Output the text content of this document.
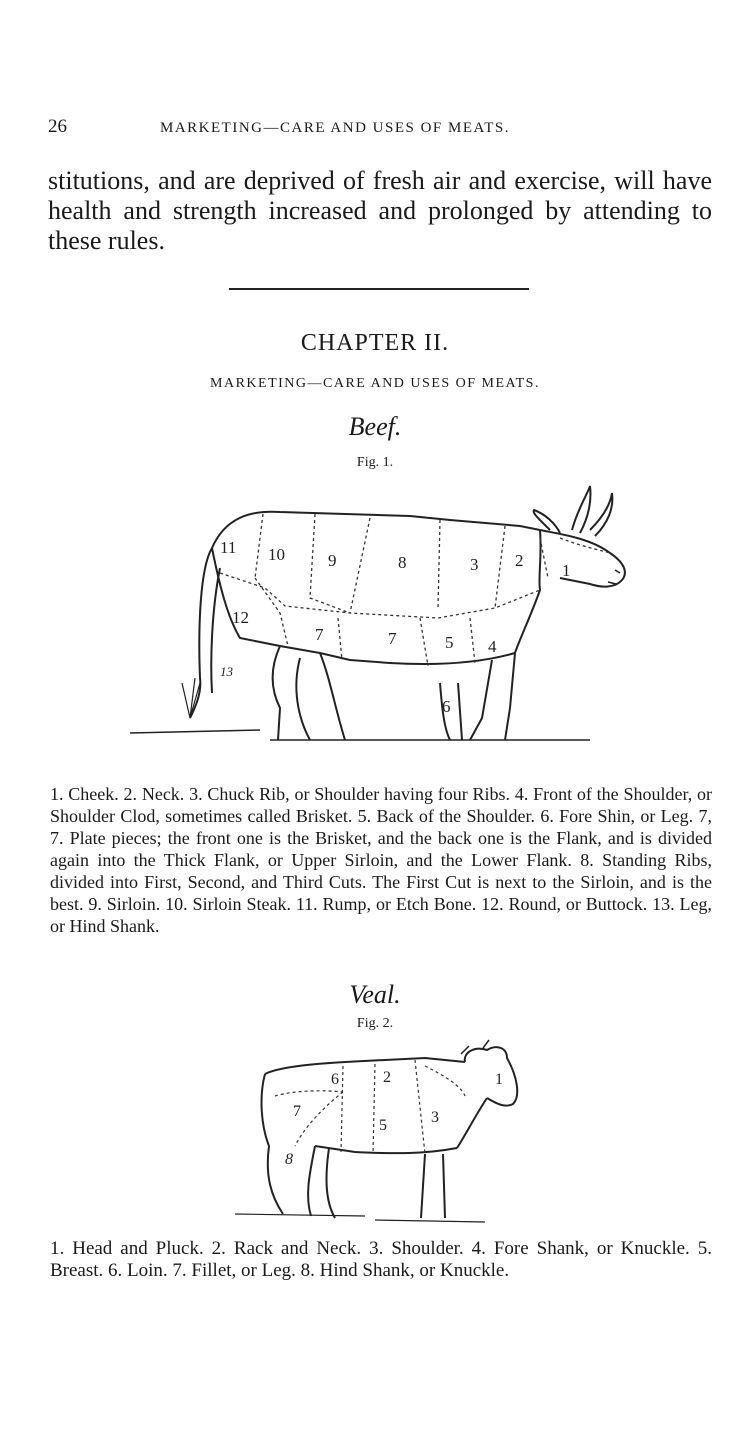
26	MARKETING—CARE AND USES OF MEATS.
stitutions, and are deprived of fresh air and exercise, will have health and strength increased and prolonged by attending to these rules.
CHAPTER II.
MARKETING—CARE AND USES OF MEATS.
Beef.
Fig. 1.
11 10	9	8	3 2
1
12
7	7	5 4
13
6
1. Cheek. 2. Neck. 3. Chuck Rib, or Shoulder having four Ribs. 4. Front of the Shoulder, or Shoulder Clod, sometimes called Brisket. 5. Back of the Shoulder. 6. Fore Shin, or Leg. 7, 7. Plate pieces; the front one is the Brisket, and the back one is the Flank, and is divided again into the Thick Flank, or Upper Sirloin, and the Lower Flank. 8. Standing Ribs, divided into First, Second, and Third Cuts. The First Cut is next to the Sirloin, and is the best. 9. Sirloin. 10. Sirloin Steak. 11. Rump, or Etch Bone. 12. Round, or Buttock. 13. Leg, or Hind Shank.
Veal.
Fig. 2.
6	2	1
7
5	3
8
1. Head and Pluck. 2. Rack and Neck. 3. Shoulder. 4. Fore Shank, or Knuckle. 5. Breast. 6. Loin. 7. Fillet, or Leg. 8. Hind Shank, or Knuckle.
